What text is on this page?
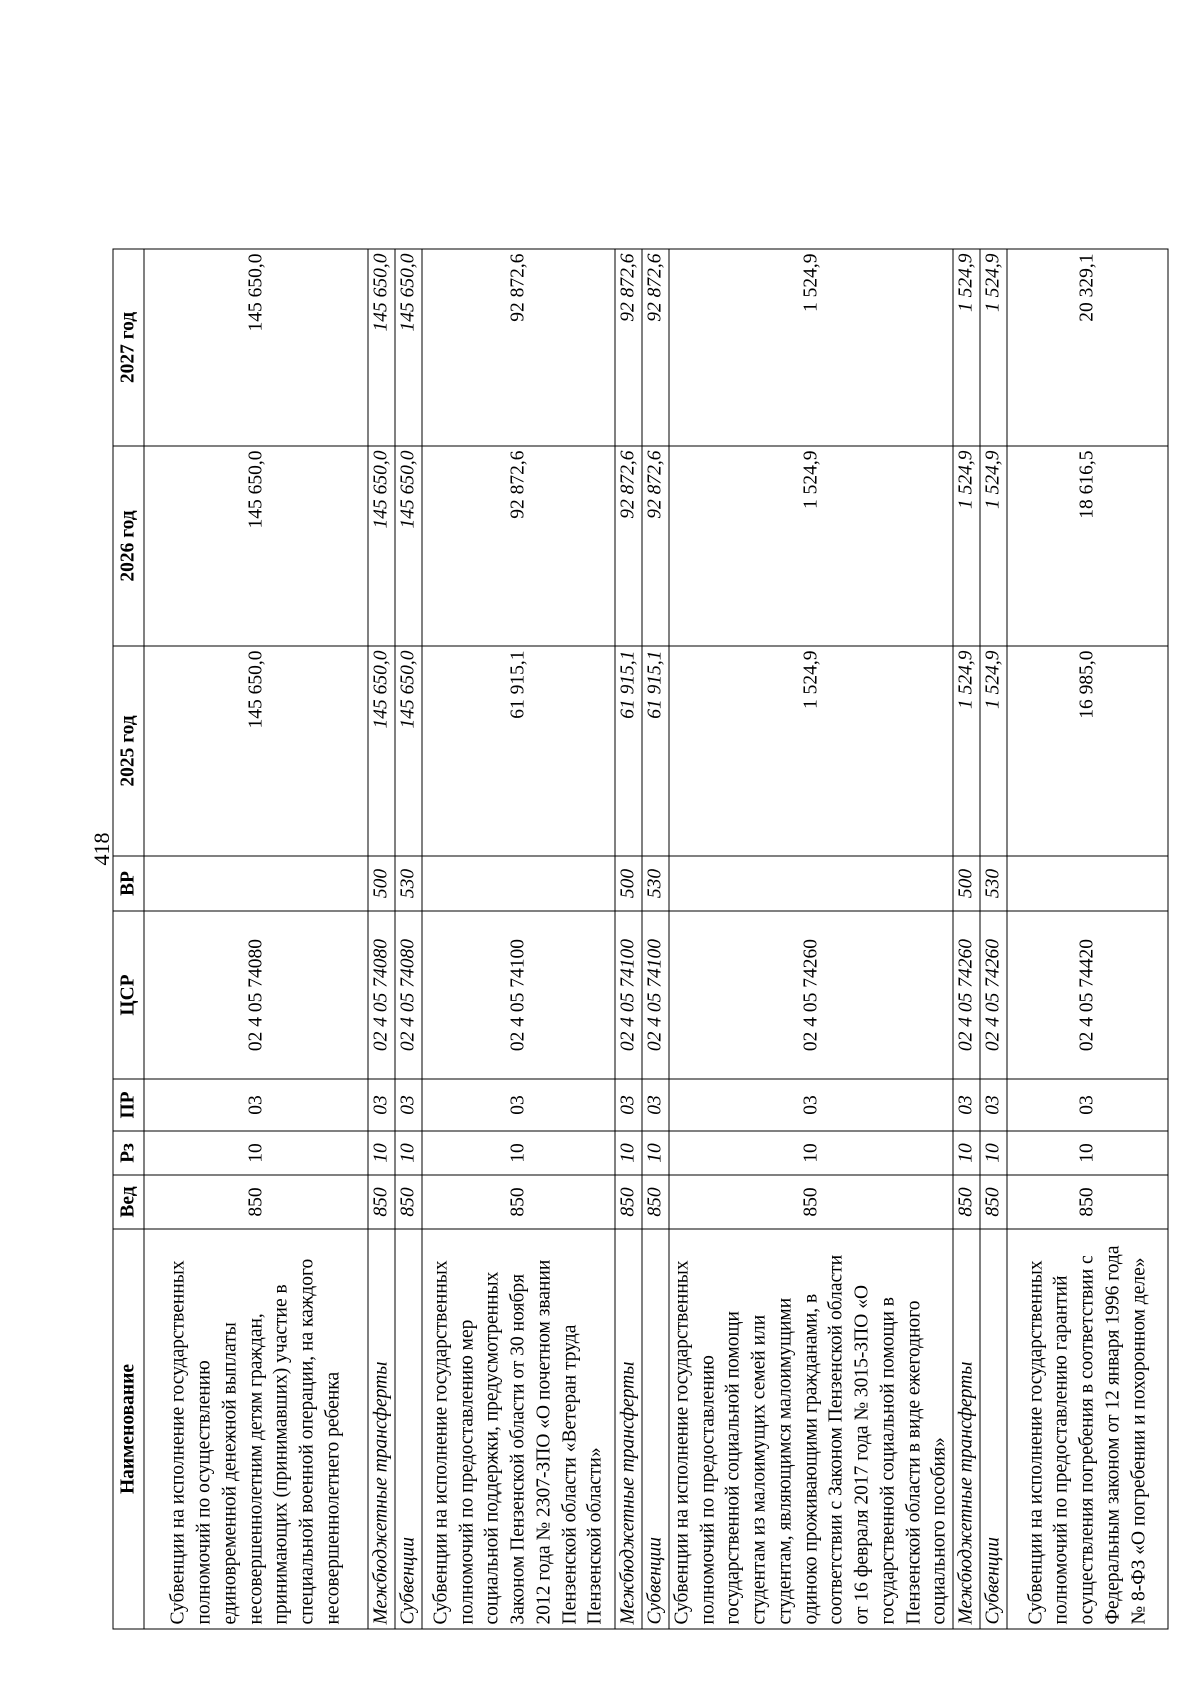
418
Наименование	Вед	Рз	ПР	ЦСР	ВР	2025 год	2026 год	2027 год
Субвенции на исполнение государственных полномочий по осуществлению единовременной денежной выплаты несовершеннолетним детям граждан, принимающих (принимавших) участие в специальной военной операции, на каждого несовершеннолетнего ребенка	850	10	03	02 4 05 74080		145 650,0	145 650,0	145 650,0
Межбюджетные трансферты	850	10	03	02 4 05 74080	500	145 650,0	145 650,0	145 650,0
Субвенции	850	10	03	02 4 05 74080	530	145 650,0	145 650,0	145 650,0
Субвенции на исполнение государственных полномочий по предоставлению мер социальной поддержки, предусмотренных Законом Пензенской области от 30 ноября 2012 года № 2307-ЗПО «О почетном звании Пензенской области «Ветеран труда Пензенской области»	850	10	03	02 4 05 74100		61 915,1	92 872,6	92 872,6
Межбюджетные трансферты	850	10	03	02 4 05 74100	500	61 915,1	92 872,6	92 872,6
Субвенции	850	10	03	02 4 05 74100	530	61 915,1	92 872,6	92 872,6
Субвенции на исполнение государственных полномочий по предоставлению государственной социальной помощи студентам из малоимущих семей или студентам, являющимся малоимущими одиноко проживающими гражданами, в соответствии с Законом Пензенской области от 16 февраля 2017 года № 3015-ЗПО «О государственной социальной помощи в Пензенской области в виде ежегодного социального пособия»	850	10	03	02 4 05 74260		1 524,9	1 524,9	1 524,9
Межбюджетные трансферты	850	10	03	02 4 05 74260	500	1 524,9	1 524,9	1 524,9
Субвенции	850	10	03	02 4 05 74260	530	1 524,9	1 524,9	1 524,9
Субвенции на исполнение государственных полномочий по предоставлению гарантий осуществления погребения в соответствии с Федеральным законом от 12 января 1996 года № 8-ФЗ «О погребении и похоронном деле»	850	10	03	02 4 05 74420		16 985,0	18 616,5	20 329,1
